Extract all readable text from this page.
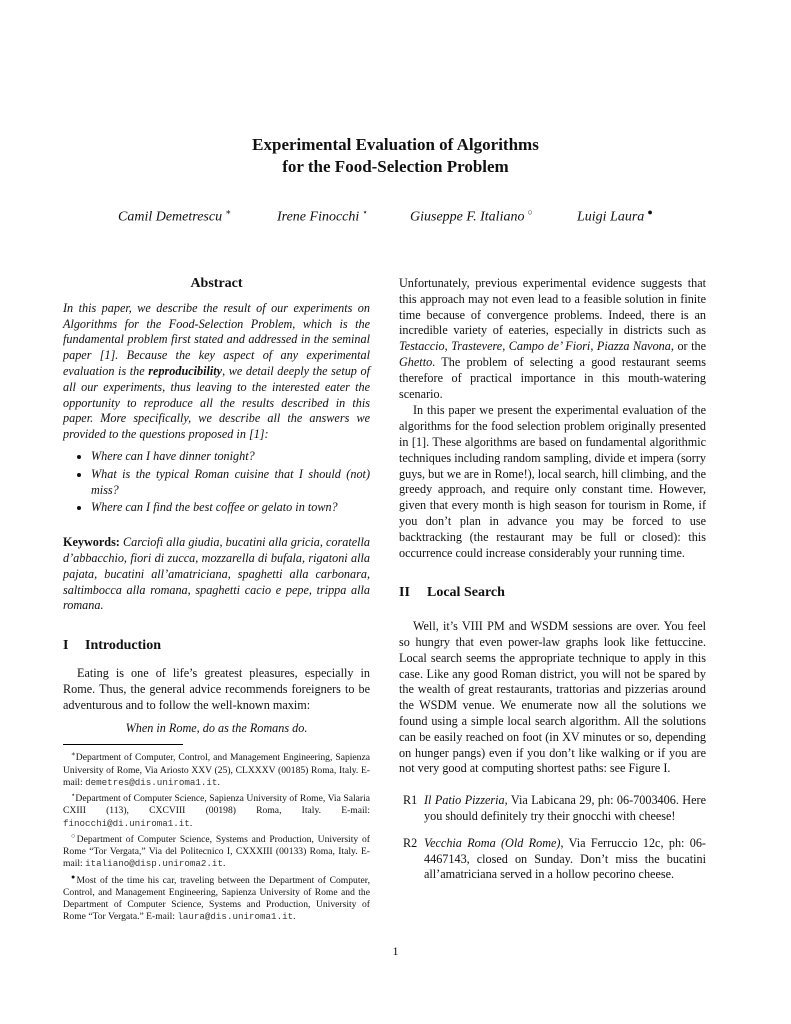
Experimental Evaluation of Algorithms
for the Food-Selection Problem
Camil Demetrescu ∗	Irene Finocchi ⋆	Giuseppe F. Italiano ○	Luigi Laura ●
Abstract

In this paper, we describe the result of our experiments on Algorithms for the Food-Selection Problem, which is the fundamental problem first stated and addressed in the seminal paper [1]. Because the key aspect of any experimental evaluation is the reproducibility, we detail deeply the setup of all our experiments, thus leaving to the interested eater the opportunity to reproduce all the results described in this paper. More specifically, we describe all the answers we provided to the questions proposed in [1]:

• Where can I have dinner tonight?
• What is the typical Roman cuisine that I should (not) miss?
• Where can I find the best coffee or gelato in town?

Keywords: Carciofi alla giudia, bucatini alla gricia, coratella d’abbacchio, fiori di zucca, mozzarella di bufala, rigatoni alla pajata, bucatini all’amatriciana, spaghetti alla carbonara, saltimbocca alla romana, spaghetti cacio e pepe, trippa alla romana.

I Introduction

Eating is one of life’s greatest pleasures, especially in Rome. Thus, the general advice recommends foreigners to be adventurous and to follow the well-known maxim:

When in Rome, do as the Romans do.

∗Department of Computer, Control, and Management Engineering, Sapienza University of Rome, Via Ariosto XXV (25), CLXXXV (00185) Roma, Italy. E-mail: demetres@dis.uniroma1.it.

⋆Department of Computer Science, Sapienza University of Rome, Via Salaria CXIII (113), CXCVIII (00198) Roma, Italy. E-mail: finocchi@di.uniroma1.it.

○Department of Computer Science, Systems and Production, University of Rome “Tor Vergata,” Via del Politecnico I, CXXXIII (00133) Roma, Italy. E-mail: italiano@disp.uniroma2.it.

●Most of the time his car, traveling between the Department of Computer, Control, and Management Engineering, Sapienza University of Rome and the Department of Computer Science, Systems and Production, University of Rome “Tor Vergata.” E-mail: laura@dis.uniroma1.it.

Unfortunately, previous experimental evidence suggests that this approach may not even lead to a feasible solution in finite time because of convergence problems. Indeed, there is an incredible variety of eateries, especially in districts such as Testaccio, Trastevere, Campo de’ Fiori, Piazza Navona, or the Ghetto. The problem of selecting a good restaurant seems therefore of practical importance in this mouth-watering scenario.

In this paper we present the experimental evaluation of the algorithms for the food selection problem originally presented in [1]. These algorithms are based on fundamental algorithmic techniques including random sampling, divide et impera (sorry guys, but we are in Rome!), local search, hill climbing, and the greedy approach, and require only constant time. However, given that every month is high season for tourism in Rome, if you don’t plan in advance you may be forced to use backtracking (the restaurant may be full or closed): this occurrence could increase considerably your running time.

II Local Search

Well, it’s VIII PM and WSDM sessions are over. You feel so hungry that even power-law graphs look like fettuccine. Local search seems the appropriate technique to apply in this case. Like any good Roman district, you will not be spared by the wealth of great restaurants, trattorias and pizzerias around the WSDM venue. We enumerate now all the solutions we found using a simple local search algorithm. All the solutions can be easily reached on foot (in XV minutes or so, depending on hunger pangs) even if you don’t like walking or if you are not very good at computing shortest paths: see Figure I.

R1 Il Patio Pizzeria, Via Labicana 29, ph: 06-7003406. Here you should definitely try their gnocchi with cheese!
R2 Vecchia Roma (Old Rome), Via Ferruccio 12c, ph: 06-4467143, closed on Sunday. Don’t miss the bucatini all’amatriciana served in a hollow pecorino cheese.
1
